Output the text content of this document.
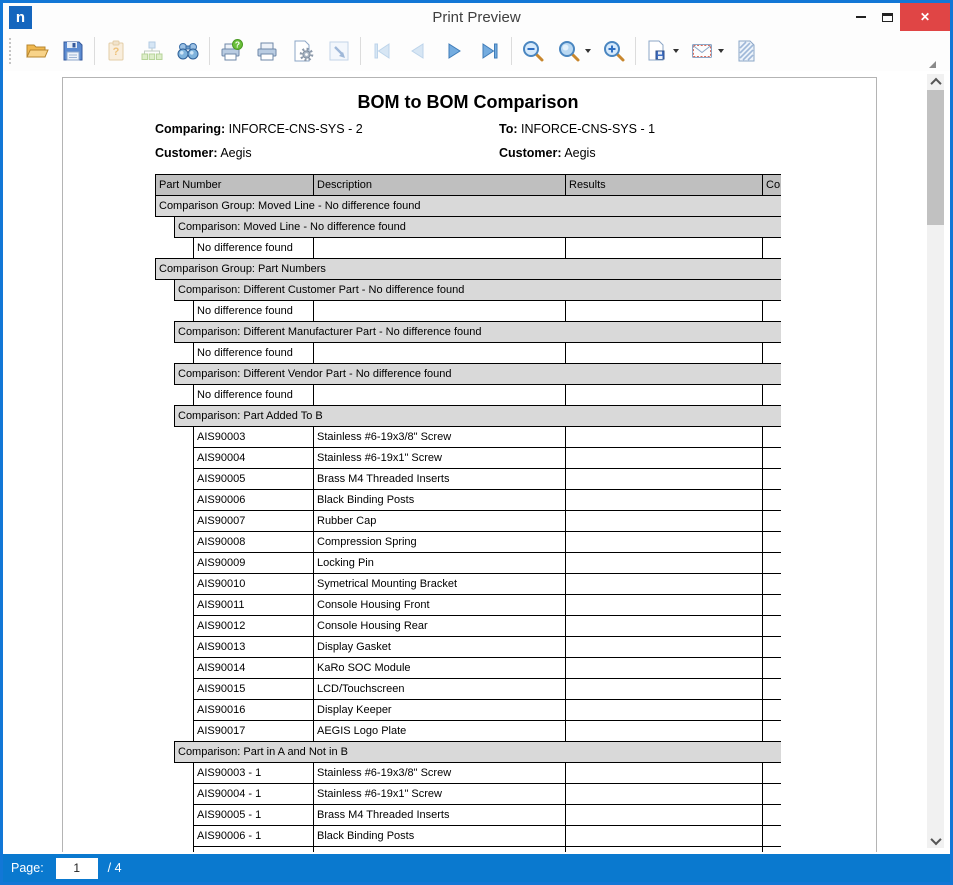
n	Print Preview	✕
?
?
BOM to BOM Comparison
Comparing: INFORCE-CNS-SYS - 2	To: INFORCE-CNS-SYS - 1
Customer: Aegis	Customer: Aegis
Part Number	Description	Results	Co
Comparison Group: Moved Line - No difference found
Comparison: Moved Line - No difference found
No difference found
Comparison Group: Part Numbers
Comparison: Different Customer Part - No difference found
No difference found
Comparison: Different Manufacturer Part - No difference found
No difference found
Comparison: Different Vendor Part - No difference found
No difference found
Comparison: Part Added To B
AIS90003	Stainless #6-19x3/8" Screw
AIS90004	Stainless #6-19x1" Screw
AIS90005	Brass M4 Threaded Inserts
AIS90006	Black Binding Posts
AIS90007	Rubber Cap
AIS90008	Compression Spring
AIS90009	Locking Pin
AIS90010	Symetrical Mounting Bracket
AIS90011	Console Housing Front
AIS90012	Console Housing Rear
AIS90013	Display Gasket
AIS90014	KaRo SOC Module
AIS90015	LCD/Touchscreen
AIS90016	Display Keeper
AIS90017	AEGIS Logo Plate
Comparison: Part in A and Not in B
AIS90003 - 1	Stainless #6-19x3/8" Screw
AIS90004 - 1	Stainless #6-19x1" Screw
AIS90005 - 1	Brass M4 Threaded Inserts
AIS90006 - 1	Black Binding Posts
Page:
1	/ 4
